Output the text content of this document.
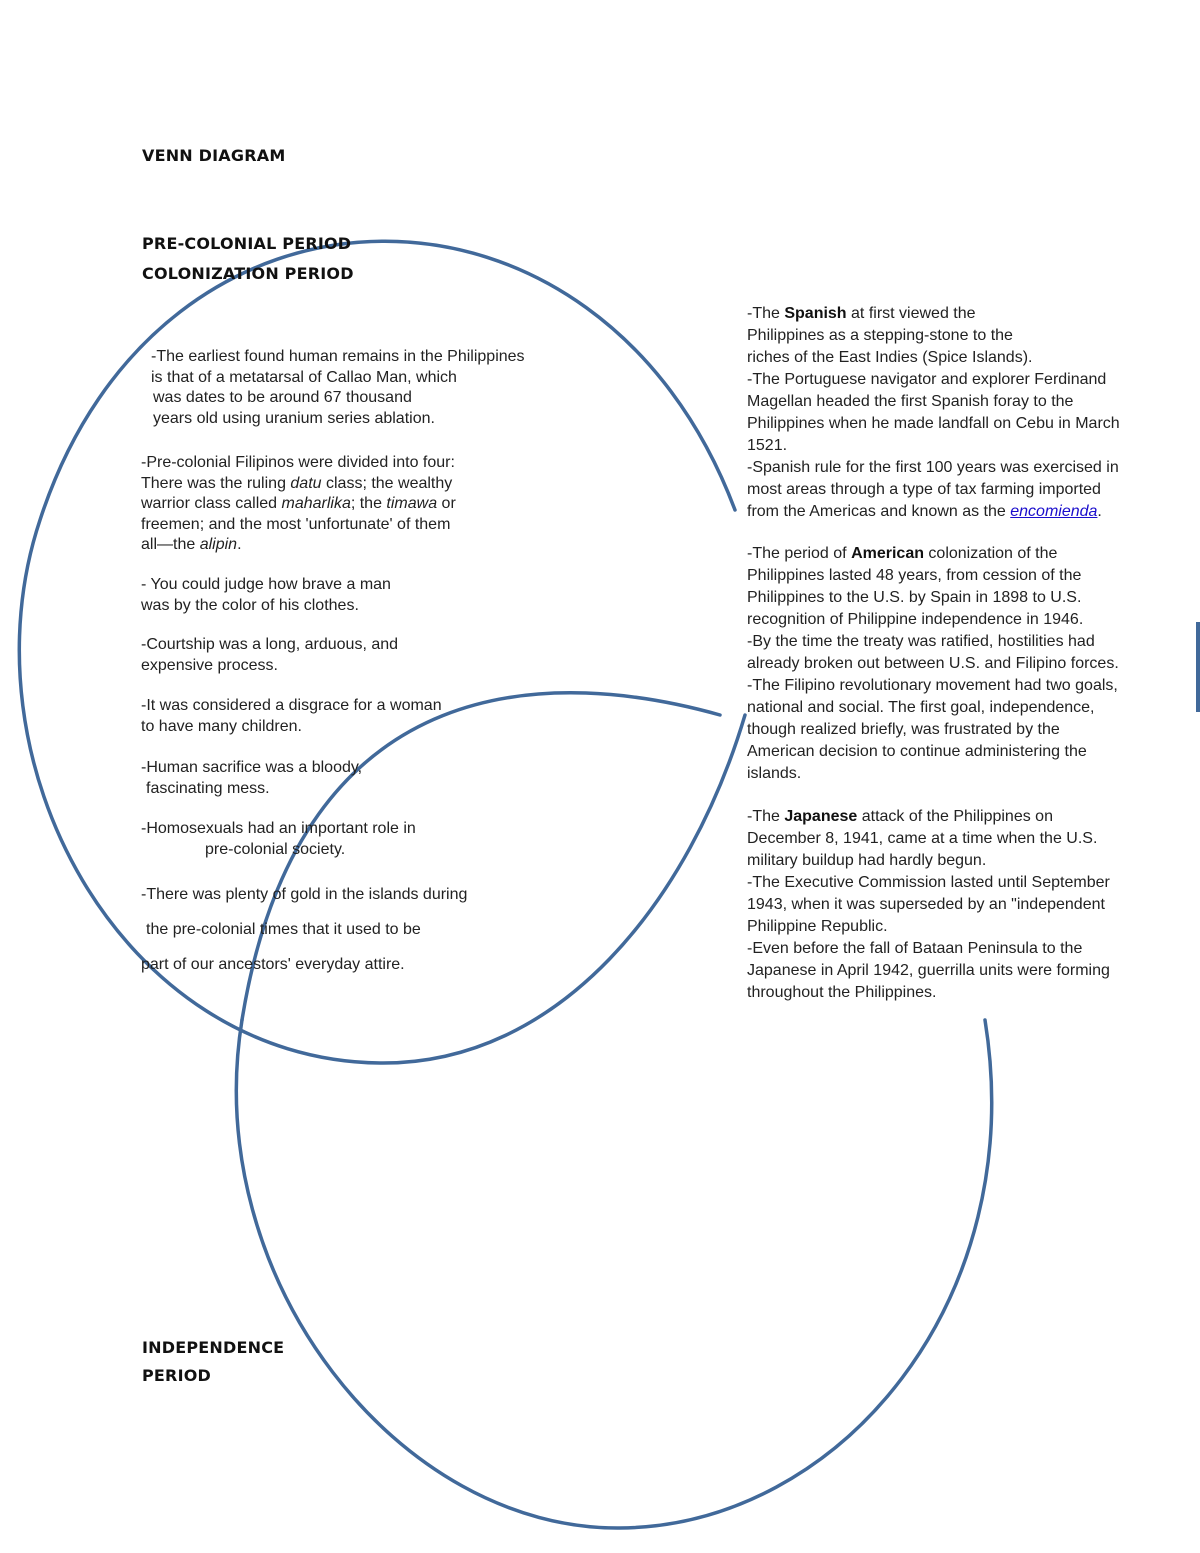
VENN DIAGRAM
PRE-COLONIAL PERIOD
COLONIZATION PERIOD
INDEPENDENCE
PERIOD
-The earliest found human remains in the Philippines
is that of a metatarsal of Callao Man, which
was dates to be around 67 thousand
years old using uranium series ablation.
-Pre-colonial Filipinos were divided into four:
There was the ruling datu class; the wealthy
warrior class called maharlika; the timawa or
freemen; and the most 'unfortunate' of them
all—the alipin.
- You could judge how brave a man
was by the color of his clothes.
-Courtship was a long, arduous, and
expensive process.
-It was considered a disgrace for a woman
to have many children.
-Human sacrifice was a bloody,
fascinating mess.
-Homosexuals had an important role in
pre-colonial society.
-There was plenty of gold in the islands during
the pre-colonial times that it used to be
part of our ancestors' everyday attire.
-The Spanish at first viewed the
Philippines as a stepping-stone to the
riches of the East Indies (Spice Islands).
-The Portuguese navigator and explorer Ferdinand
Magellan headed the first Spanish foray to the
Philippines when he made landfall on Cebu in March
1521.
-Spanish rule for the first 100 years was exercised in
most areas through a type of tax farming imported
from the Americas and known as the encomienda.
-The period of American colonization of the
Philippines lasted 48 years, from cession of the
Philippines to the U.S. by Spain in 1898 to U.S.
recognition of Philippine independence in 1946.
-By the time the treaty was ratified, hostilities had
already broken out between U.S. and Filipino forces.
-The Filipino revolutionary movement had two goals,
national and social. The first goal, independence,
though realized briefly, was frustrated by the
American decision to continue administering the
islands.
-The Japanese attack of the Philippines on
December 8, 1941, came at a time when the U.S.
military buildup had hardly begun.
-The Executive Commission lasted until September
1943, when it was superseded by an "independent
Philippine Republic.
-Even before the fall of Bataan Peninsula to the
Japanese in April 1942, guerrilla units were forming
throughout the Philippines.
